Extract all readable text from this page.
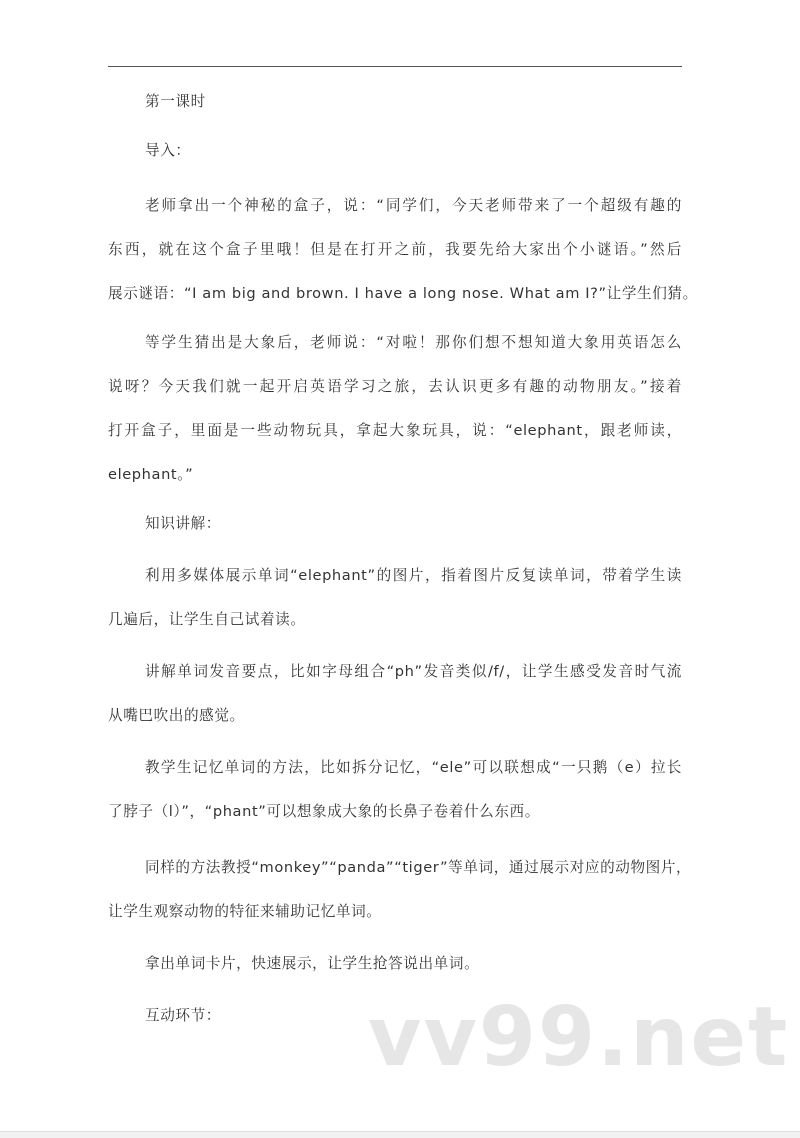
第一课时
导入：
老师拿出一个神秘的盒子，说：“同学们，今天老师带来了一个超级有趣的
东西，就在这个盒子里哦！但是在打开之前，我要先给大家出个小谜语。”然后
展示谜语：“I am big and brown. I have a long nose. What am I?”让学生们猜。
等学生猜出是大象后，老师说：“对啦！那你们想不想知道大象用英语怎么
说呀？今天我们就一起开启英语学习之旅，去认识更多有趣的动物朋友。”接着
打开盒子，里面是一些动物玩具，拿起大象玩具，说：“elephant，跟老师读，
elephant。”
知识讲解：
利用多媒体展示单词“elephant”的图片，指着图片反复读单词，带着学生读
几遍后，让学生自己试着读。
讲解单词发音要点，比如字母组合“ph”发音类似/f/，让学生感受发音时气流
从嘴巴吹出的感觉。
教学生记忆单词的方法，比如拆分记忆，“ele”可以联想成“一只鹅（e）拉长
了脖子（l）”，“phant”可以想象成大象的长鼻子卷着什么东西。
同样的方法教授“monkey”“panda”“tiger”等单词，通过展示对应的动物图片，
让学生观察动物的特征来辅助记忆单词。
拿出单词卡片，快速展示，让学生抢答说出单词。
互动环节：	vv99.net
